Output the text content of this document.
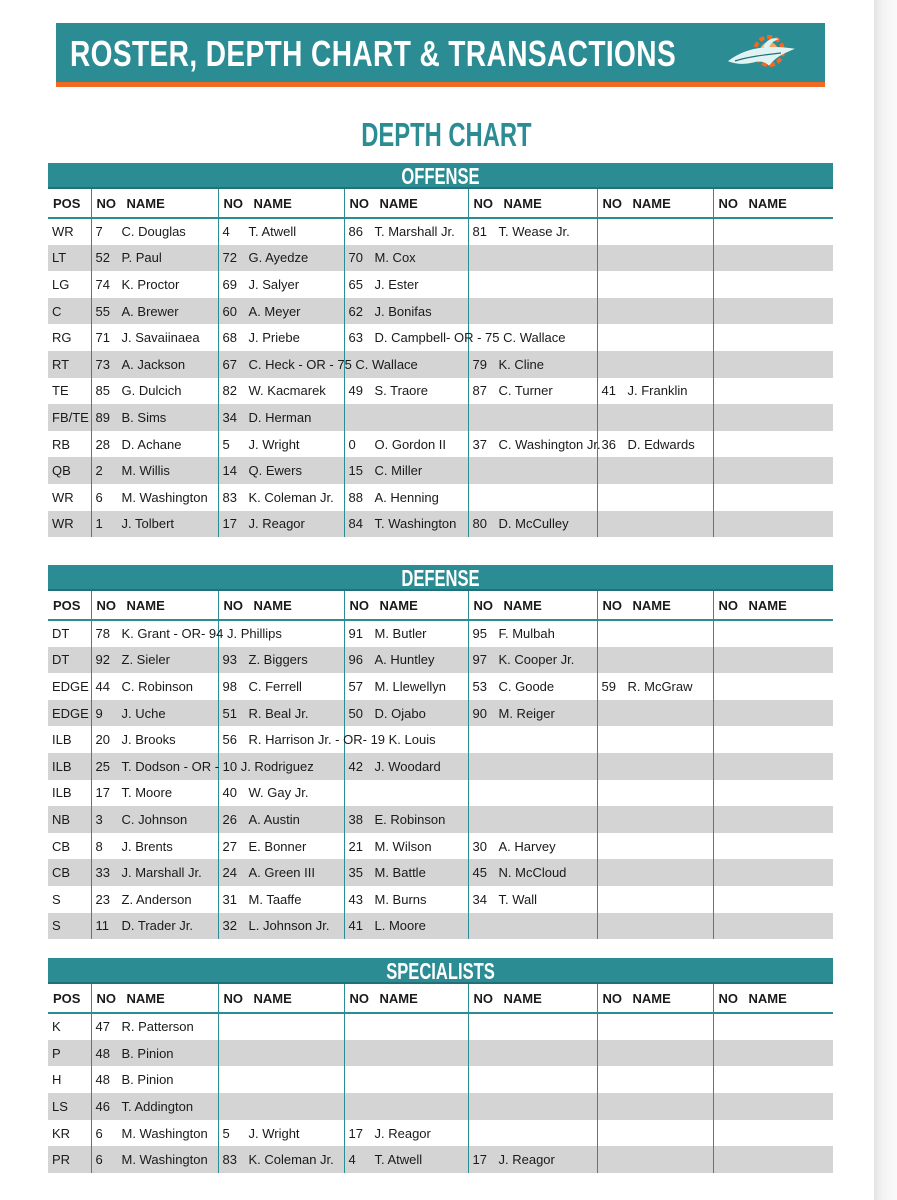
ROSTER, DEPTH CHART & TRANSACTIONS
DEPTH CHART
OFFENSE
POS	NO NAME	NO NAME	NO NAME	NO NAME	NO NAME	NO NAME
WR	7 C. Douglas	4 T. Atwell	86 T. Marshall Jr.	81 T. Wease Jr.		
LT	52 P. Paul	72 G. Ayedze	70 M. Cox			
LG	74 K. Proctor	69 J. Salyer	65 J. Ester			
C	55 A. Brewer	60 A. Meyer	62 J. Bonifas			
RG	71 J. Savaiinaea	68 J. Priebe	63 D. Campbell- OR - 75 C. Wallace			
RT	73 A. Jackson	67 C. Heck - OR - 75 C. Wallace		79 K. Cline		
TE	85 G. Dulcich	82 W. Kacmarek	49 S. Traore	87 C. Turner	41 J. Franklin	
FB/TE	89 B. Sims	34 D. Herman				
RB	28 D. Achane	5 J. Wright	0 O. Gordon II	37 C. Washington Jr.	36 D. Edwards	
QB	2 M. Willis	14 Q. Ewers	15 C. Miller			
WR	6 M. Washington	83 K. Coleman Jr.	88 A. Henning			
WR	1 J. Tolbert	17 J. Reagor	84 T. Washington	80 D. McCulley		
DEFENSE
POS	NO NAME	NO NAME	NO NAME	NO NAME	NO NAME	NO NAME
DT	78 K. Grant - OR- 94 J. Phillips		91 M. Butler	95 F. Mulbah		
DT	92 Z. Sieler	93 Z. Biggers	96 A. Huntley	97 K. Cooper Jr.		
EDGE	44 C. Robinson	98 C. Ferrell	57 M. Llewellyn	53 C. Goode	59 R. McGraw	
EDGE	9 J. Uche	51 R. Beal Jr.	50 D. Ojabo	90 M. Reiger		
ILB	20 J. Brooks	56 R. Harrison Jr. - OR- 19 K. Louis				
ILB	25 T. Dodson - OR - 10 J. Rodriguez		42 J. Woodard			
ILB	17 T. Moore	40 W. Gay Jr.				
NB	3 C. Johnson	26 A. Austin	38 E. Robinson			
CB	8 J. Brents	27 E. Bonner	21 M. Wilson	30 A. Harvey		
CB	33 J. Marshall Jr.	24 A. Green III	35 M. Battle	45 N. McCloud		
S	23 Z. Anderson	31 M. Taaffe	43 M. Burns	34 T. Wall		
S	11 D. Trader Jr.	32 L. Johnson Jr.	41 L. Moore			
SPECIALISTS
POS	NO NAME	NO NAME	NO NAME	NO NAME	NO NAME	NO NAME
K	47 R. Patterson					
P	48 B. Pinion					
H	48 B. Pinion					
LS	46 T. Addington					
KR	6 M. Washington	5 J. Wright	17 J. Reagor			
PR	6 M. Washington	83 K. Coleman Jr.	4 T. Atwell	17 J. Reagor		
